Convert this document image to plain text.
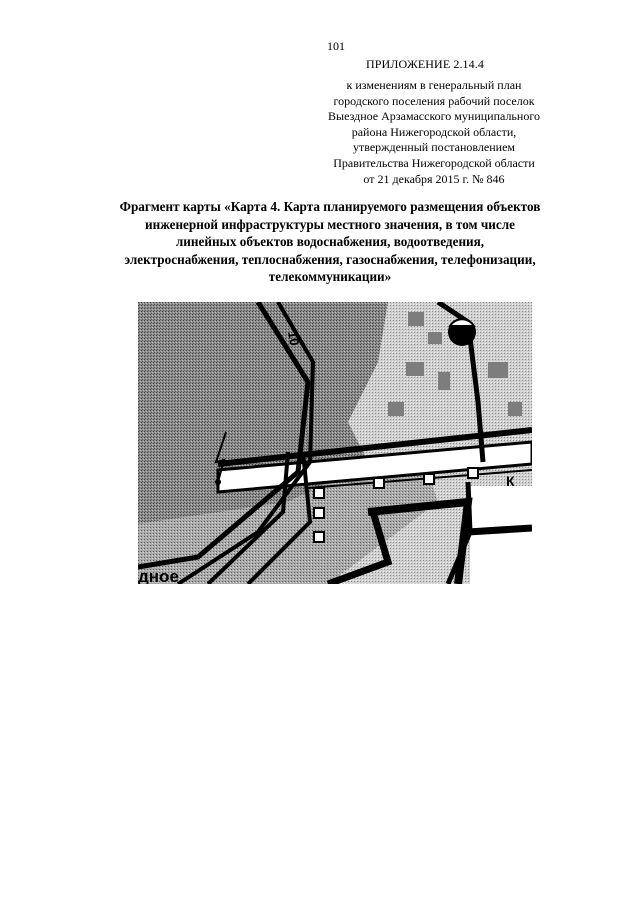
101
ПРИЛОЖЕНИЕ 2.14.4
к изменениям в генеральный план
городского поселения рабочий поселок
Выездное Арзамасского муниципального
района Нижегородской области,
утвержденный постановлением
Правительства Нижегородской области
от 21 декабря 2015 г. № 846
Фрагмент карты «Карта 4. Карта планируемого размещения объектов
инженерной инфраструктуры местного значения, в том числе
линейных объектов водоснабжения, водоотведения,
электроснабжения, теплоснабжения, газоснабжения, телефонизации,
телекоммуникации»
10
К
дное
